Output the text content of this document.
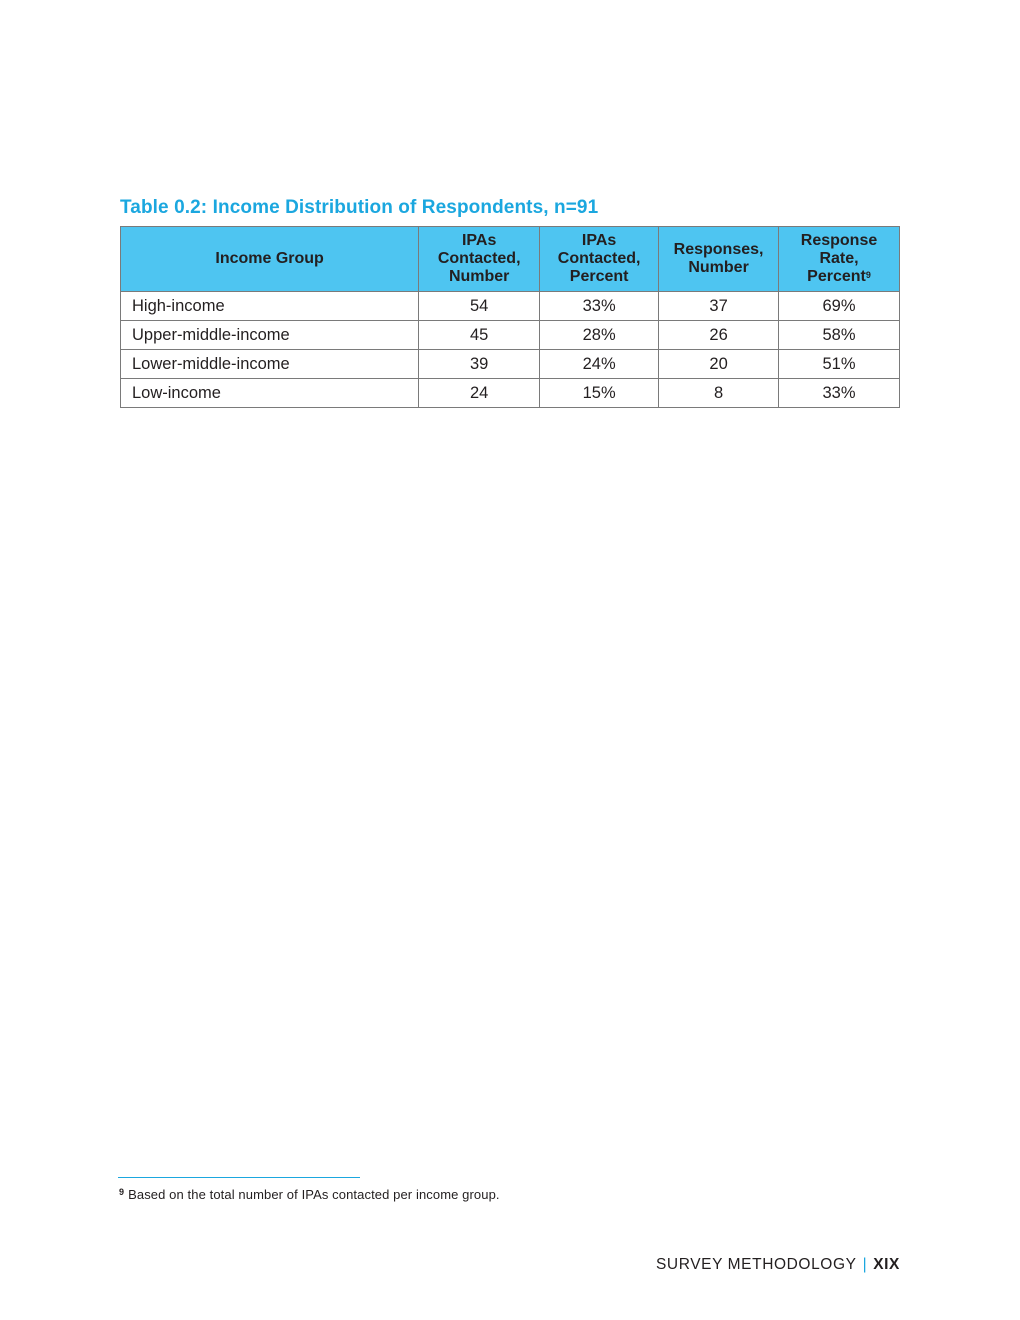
Table 0.2: Income Distribution of Respondents, n=91
Income Group	IPAs Contacted, Number	IPAs Contacted, Percent	Responses, Number	Response Rate, Percent$^9$
High-income	54	33%	37	69%
Upper-middle-income	45	28%	26	58%
Lower-middle-income	39	24%	20	51%
Low-income	24	15%	8	33%
$^9$ Based on the total number of IPAs contacted per income group.
SURVEY METHODOLOGY | XIX
